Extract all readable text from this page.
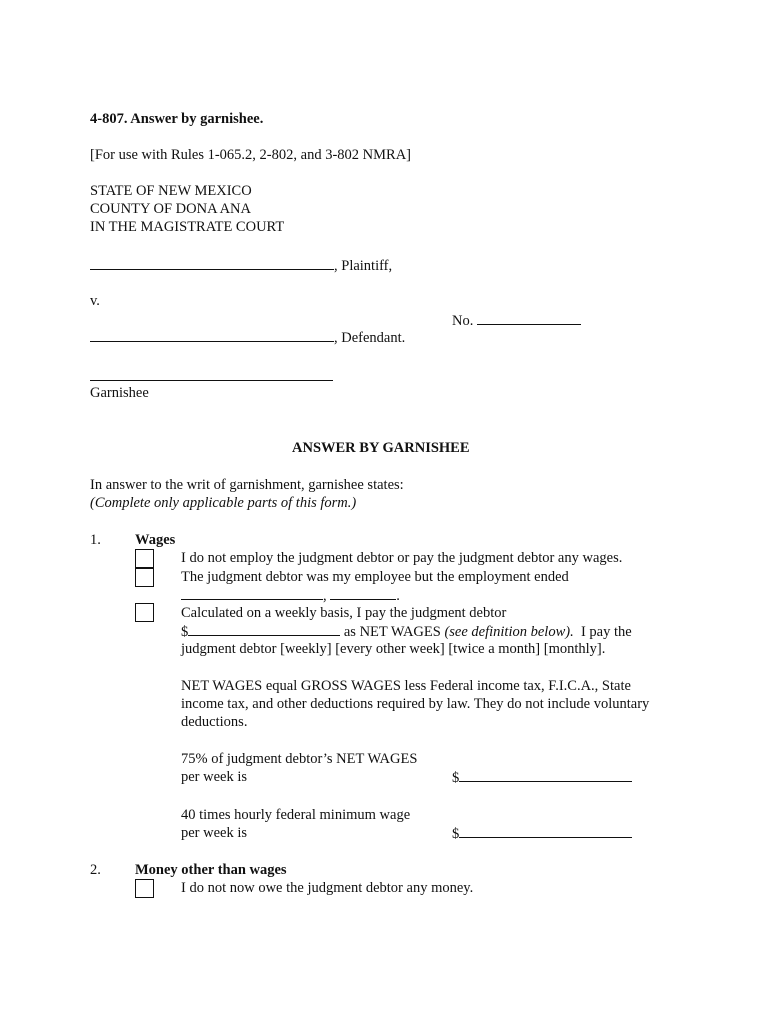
4-807. Answer by garnishee.
[For use with Rules 1-065.2, 2-802, and 3-802 NMRA]
STATE OF NEW MEXICO
COUNTY OF DONA ANA
IN THE MAGISTRATE COURT
, Plaintiff,
v.
No.
, Defendant.
Garnishee
ANSWER BY GARNISHEE
In answer to the writ of garnishment, garnishee states:
(Complete only applicable parts of this form.)
1. Wages
I do not employ the judgment debtor or pay the judgment debtor any wages.
The judgment debtor was my employee but the employment ended
,	.
Calculated on a weekly basis, I pay the judgment debtor
$	as NET WAGES (see definition below). I pay the
judgment debtor [weekly] [every other week] [twice a month] [monthly].
NET WAGES equal GROSS WAGES less Federal income tax, F.I.C.A., State
income tax, and other deductions required by law. They do not include voluntary
deductions.
75% of judgment debtor’s NET WAGES
per week is	$
40 times hourly federal minimum wage
per week is	$
2. Money other than wages
I do not now owe the judgment debtor any money.
